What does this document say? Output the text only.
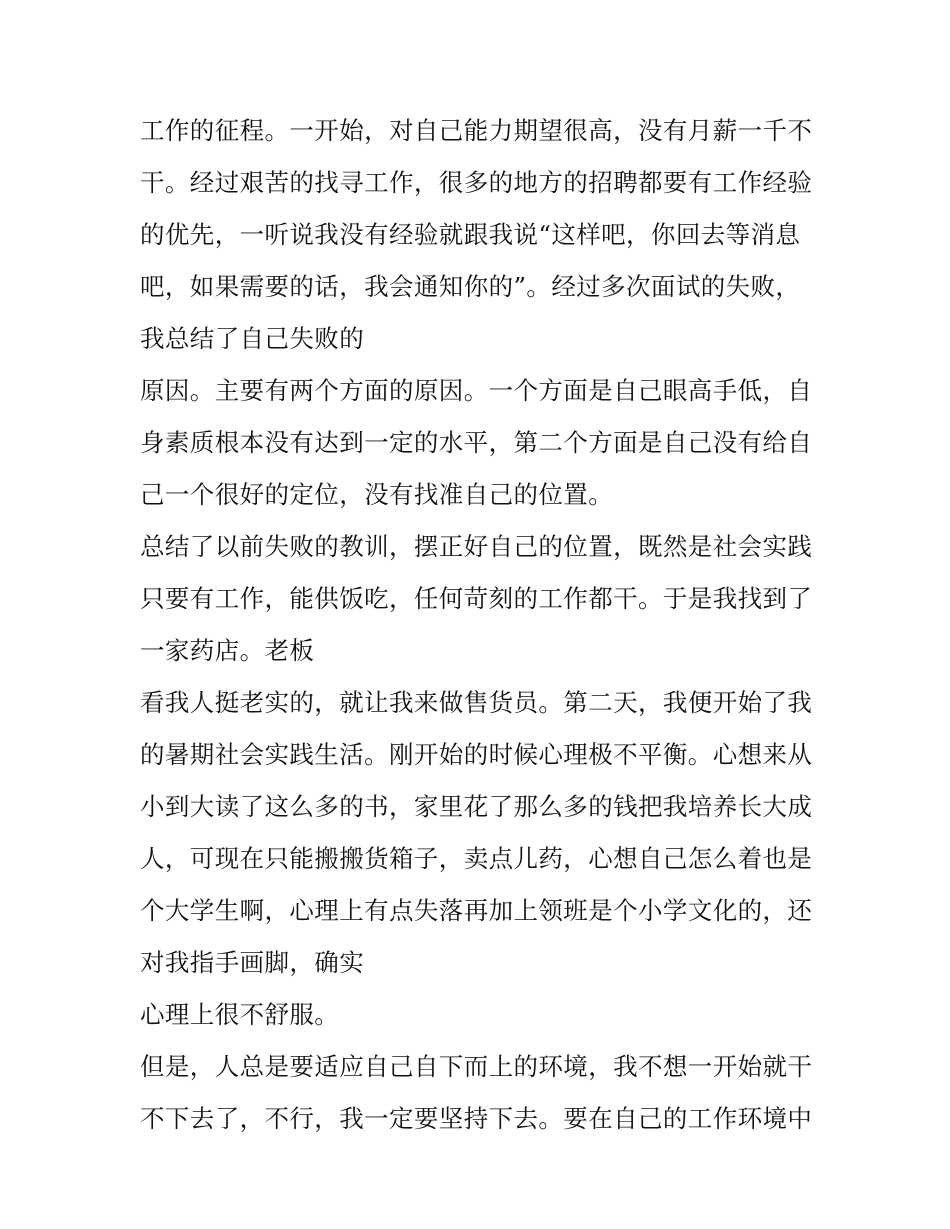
工作的征程。一开始，对自己能力期望很高，没有月薪一千不
干。经过艰苦的找寻工作，很多的地方的招聘都要有工作经验
的优先，一听说我没有经验就跟我说“这样吧，你回去等消息
吧，如果需要的话，我会通知你的”。经过多次面试的失败，
我总结了自己失败的
原因。主要有两个方面的原因。一个方面是自己眼高手低，自
身素质根本没有达到一定的水平，第二个方面是自己没有给自
己一个很好的定位，没有找准自己的位置。
总结了以前失败的教训，摆正好自己的位置，既然是社会实践
只要有工作，能供饭吃，任何苛刻的工作都干。于是我找到了
一家药店。老板
看我人挺老实的，就让我来做售货员。第二天，我便开始了我
的暑期社会实践生活。刚开始的时候心理极不平衡。心想来从
小到大读了这么多的书，家里花了那么多的钱把我培养长大成
人，可现在只能搬搬货箱子，卖点儿药，心想自己怎么着也是
个大学生啊，心理上有点失落再加上领班是个小学文化的，还
对我指手画脚，确实
心理上很不舒服。
但是，人总是要适应自己自下而上的环境，我不想一开始就干
不下去了，不行，我一定要坚持下去。要在自己的工作环境中
